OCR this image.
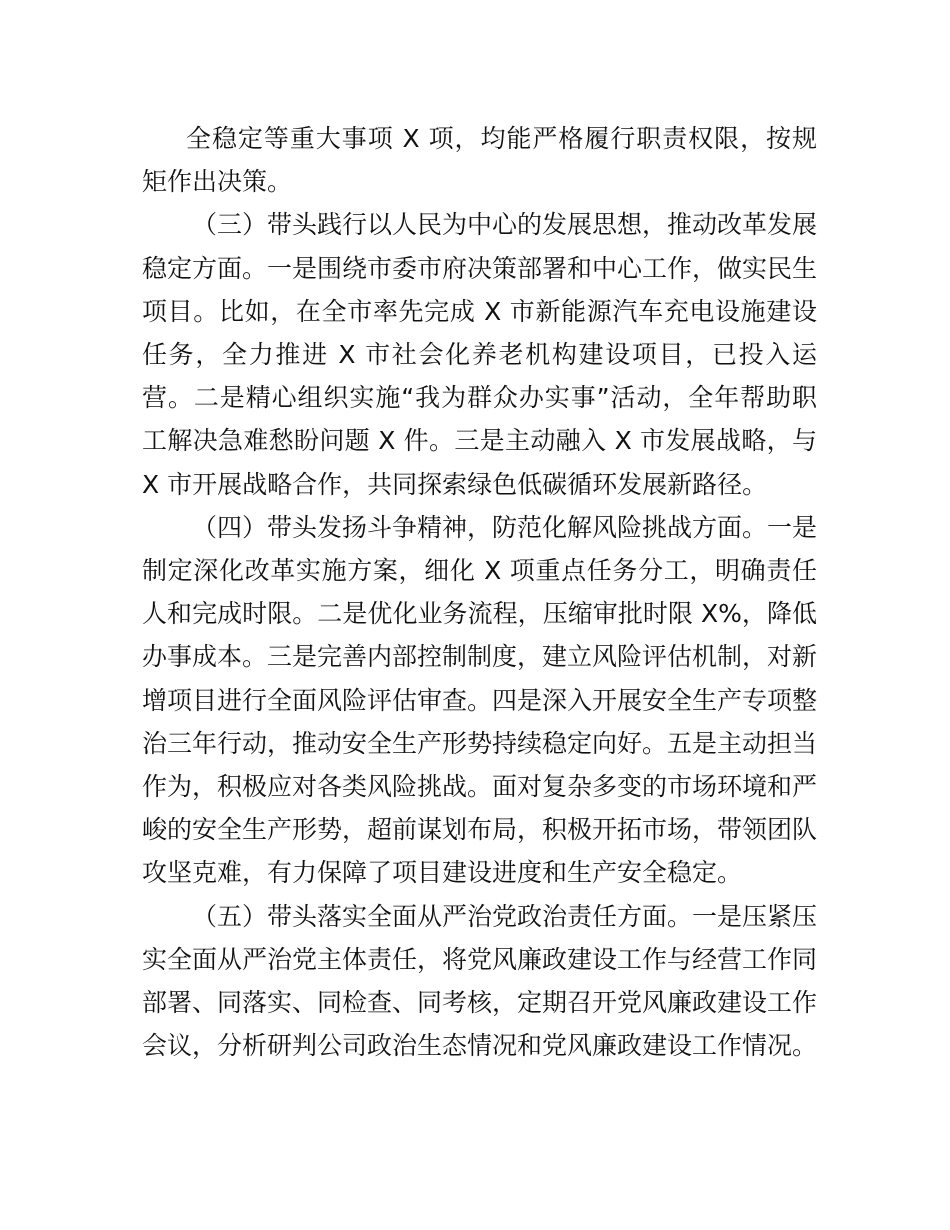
全稳定等重大事项 X 项，均能严格履行职责权限，按规矩作出决策。

（三）带头践行以人民为中心的发展思想，推动改革发展稳定方面。一是围绕市委市府决策部署和中心工作，做实民生项目。比如，在全市率先完成 X 市新能源汽车充电设施建设任务，全力推进 X 市社会化养老机构建设项目，已投入运营。二是精心组织实施“我为群众办实事”活动，全年帮助职工解决急难愁盼问题 X 件。三是主动融入 X 市发展战略，与 X 市开展战略合作，共同探索绿色低碳循环发展新路径。

（四）带头发扬斗争精神，防范化解风险挑战方面。一是制定深化改革实施方案，细化 X 项重点任务分工，明确责任人和完成时限。二是优化业务流程，压缩审批时限 X%，降低办事成本。三是完善内部控制制度，建立风险评估机制，对新增项目进行全面风险评估审查。四是深入开展安全生产专项整治三年行动，推动安全生产形势持续稳定向好。五是主动担当作为，积极应对各类风险挑战。面对复杂多变的市场环境和严峻的安全生产形势，超前谋划布局，积极开拓市场，带领团队攻坚克难，有力保障了项目建设进度和生产安全稳定。

（五）带头落实全面从严治党政治责任方面。一是压紧压实全面从严治党主体责任，将党风廉政建设工作与经营工作同部署、同落实、同检查、同考核，定期召开党风廉政建设工作会议，分析研判公司政治生态情况和党风廉政建设工作情况。
